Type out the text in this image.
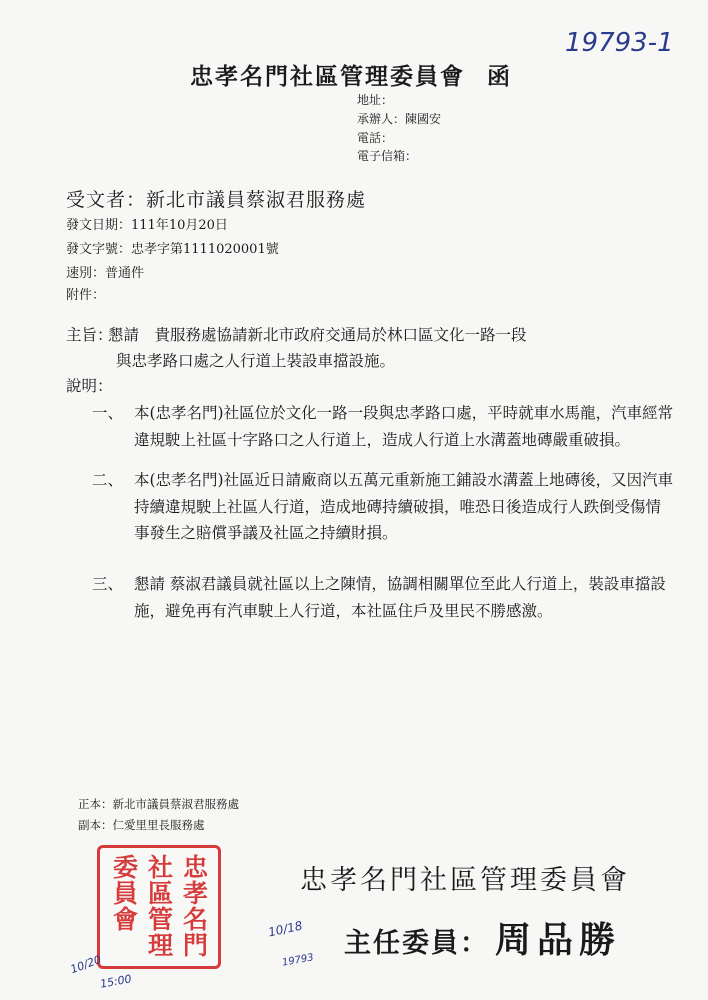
19793-1
忠孝名門社區管理委員會 函
地址：
承辦人：陳國安
電話：
電子信箱：
受文者：新北市議員蔡淑君服務處
發文日期：111年10月20日
發文字號：忠孝字第1111020001號
速別：普通件
附件：
主旨：
懇請　貴服務處協請新北市政府交通局於林口區文化一路一段
與忠孝路口處之人行道上裝設車擋設施。
說明：
一、 本(忠孝名門)社區位於文化一路一段與忠孝路口處，平時就車水馬龍，汽車經常違規駛上社區十字路口之人行道上，造成人行道上水溝蓋地磚嚴重破損。
二、 本(忠孝名門)社區近日請廠商以五萬元重新施工鋪設水溝蓋上地磚後，又因汽車持續違規駛上社區人行道，造成地磚持續破損，唯恐日後造成行人跌倒受傷情事發生之賠償爭議及社區之持續財損。
三、 懇請 蔡淑君議員就社區以上之陳情，協調相關單位至此人行道上，裝設車擋設施，避免再有汽車駛上人行道，本社區住戶及里民不勝感激。
正本：新北市議員蔡淑君服務處
副本：仁愛里里長服務處
忠孝名門
社區管理
委員會	忠孝名門社區管理委員會
主任委員： 周品勝
10/18
19793
10/20
15:00
